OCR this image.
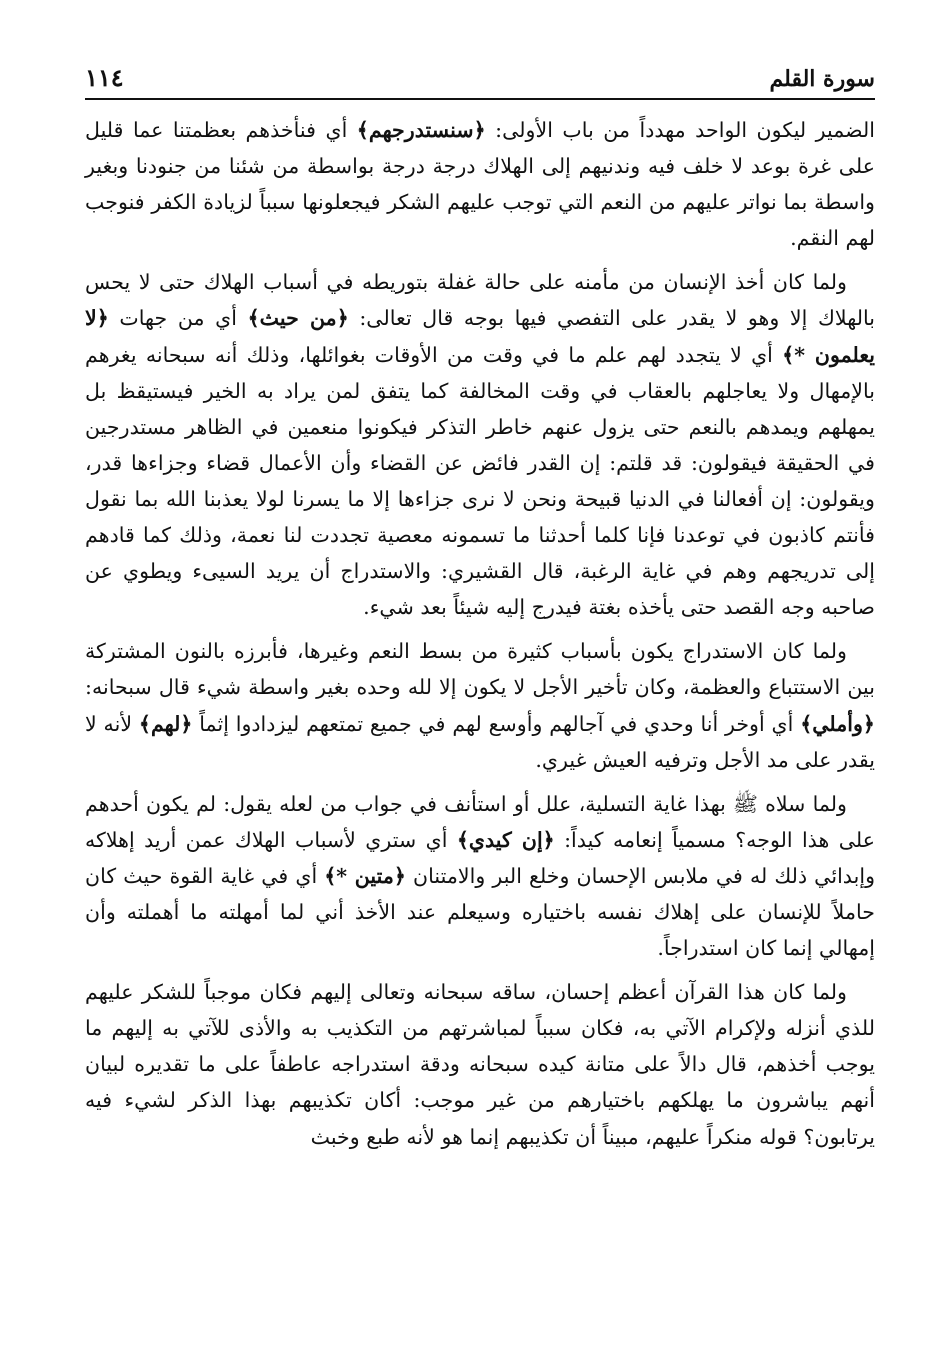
١١٤	سورة القلم

الضمير ليكون الواحد مهدداً من باب الأولى: ﴿سنستدرجهم﴾ أي فنأخذهم بعظمتنا عما قليل على غرة بوعد لا خلف فيه وندنيهم إلى الهلاك درجة درجة بواسطة من شئنا من جنودنا وبغير واسطة بما نواتر عليهم من النعم التي توجب عليهم الشكر فيجعلونها سبباً لزيادة الكفر فنوجب لهم النقم.

ولما كان أخذ الإنسان من مأمنه على حالة غفلة بتوريطه في أسباب الهلاك حتى لا يحس بالهلاك إلا وهو لا يقدر على التفصي فيها بوجه قال تعالى: ﴿من حيث﴾ أي من جهات ﴿لا يعلمون *﴾ أي لا يتجدد لهم علم ما في وقت من الأوقات بغوائلها، وذلك أنه سبحانه يغرهم بالإمهال ولا يعاجلهم بالعقاب في وقت المخالفة كما يتفق لمن يراد به الخير فيستيقظ بل يمهلهم ويمدهم بالنعم حتى يزول عنهم خاطر التذكر فيكونوا منعمين في الظاهر مستدرجين في الحقيقة فيقولون: قد قلتم: إن القدر فائض عن القضاء وأن الأعمال قضاء وجزاءها قدر، ويقولون: إن أفعالنا في الدنيا قبيحة ونحن لا نرى جزاءها إلا ما يسرنا لولا يعذبنا الله بما نقول فأنتم كاذبون في توعدنا فإنا كلما أحدثنا ما تسمونه معصية تجددت لنا نعمة، وذلك كما قادهم إلى تدريجهم وهم في غاية الرغبة، قال القشيري: والاستدراج أن يريد السيىء ويطوي عن صاحبه وجه القصد حتى يأخذه بغتة فيدرج إليه شيئاً بعد شيء.

ولما كان الاستدراج يكون بأسباب كثيرة من بسط النعم وغيرها، فأبرزه بالنون المشتركة بين الاستتباع والعظمة، وكان تأخير الأجل لا يكون إلا لله وحده بغير واسطة شيء قال سبحانه: ﴿وأملي﴾ أي أوخر أنا وحدي في آجالهم وأوسع لهم في جميع تمتعهم ليزدادوا إثماً ﴿لهم﴾ لأنه لا يقدر على مد الأجل وترفيه العيش غيري.

ولما سلاه ﷺ بهذا غاية التسلية، علل أو استأنف في جواب من لعله يقول: لم يكون أحدهم على هذا الوجه؟ مسمياً إنعامه كيداً: ﴿إن كيدي﴾ أي ستري لأسباب الهلاك عمن أريد إهلاكه وإبدائي ذلك له في ملابس الإحسان وخلع البر والامتنان ﴿متين *﴾ أي في غاية القوة حيث كان حاملاً للإنسان على إهلاك نفسه باختياره وسيعلم عند الأخذ أني لما أمهلته ما أهملته وأن إمهالي إنما كان استدراجاً.

ولما كان هذا القرآن أعظم إحسان، ساقه سبحانه وتعالى إليهم فكان موجباً للشكر عليهم للذي أنزله ولإكرام الآتي به، فكان سبباً لمباشرتهم من التكذيب به والأذى للآتي به إليهم ما يوجب أخذهم، قال دالاً على متانة كيده سبحانه ودقة استدراجه عاطفاً على ما تقديره لبيان أنهم يباشرون ما يهلكهم باختيارهم من غير موجب: أكان تكذيبهم بهذا الذكر لشيء فيه يرتابون؟ قوله منكراً عليهم، مبيناً أن تكذيبهم إنما هو لأنه طبع وخبث
